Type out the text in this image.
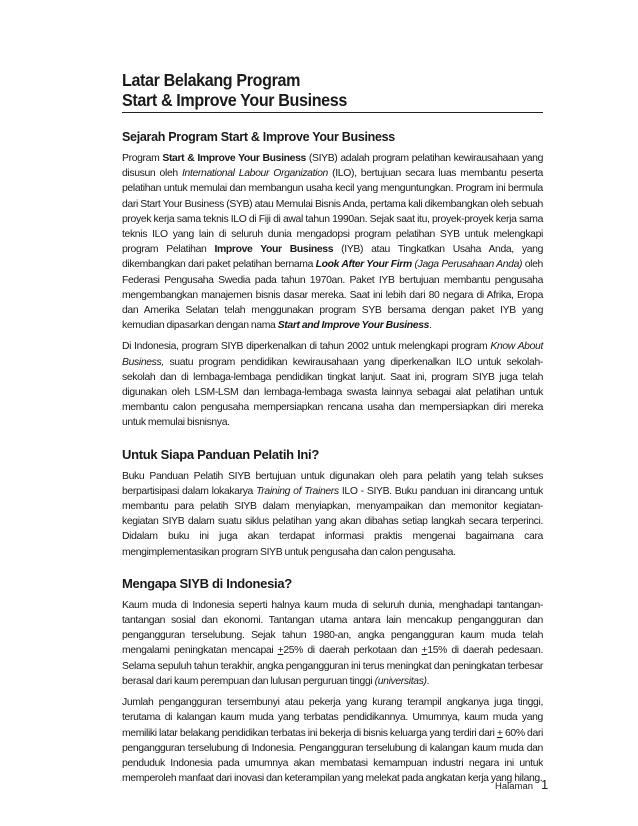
Latar Belakang Program
Start & Improve Your Business
Sejarah Program Start & Improve Your Business

Program Start & Improve Your Business (SIYB) adalah program pelatihan kewirausahaan yang disusun oleh International Labour Organization (ILO), bertujuan secara luas membantu peserta pelatihan untuk memulai dan membangun usaha kecil yang menguntungkan. Program ini bermula dari Start Your Business (SYB) atau Memulai Bisnis Anda, pertama kali dikembangkan oleh sebuah proyek kerja sama teknis ILO di Fiji di awal tahun 1990an. Sejak saat itu, proyek-proyek kerja sama teknis ILO yang lain di seluruh dunia mengadopsi program pelatihan SYB untuk melengkapi program Pelatihan Improve Your Business (IYB) atau Tingkatkan Usaha Anda, yang dikembangkan dari paket pelatihan bernama Look After Your Firm (Jaga Perusahaan Anda) oleh Federasi Pengusaha Swedia pada tahun 1970an. Paket IYB bertujuan membantu pengusaha mengembangkan manajemen bisnis dasar mereka. Saat ini lebih dari 80 negara di Afrika, Eropa dan Amerika Selatan telah menggunakan program SYB bersama dengan paket IYB yang kemudian dipasarkan dengan nama Start and Improve Your Business.

Di Indonesia, program SIYB diperkenalkan di tahun 2002 untuk melengkapi program Know About Business, suatu program pendidikan kewirausahaan yang diperkenalkan ILO untuk sekolah-sekolah dan di lembaga-lembaga pendidikan tingkat lanjut. Saat ini, program SIYB juga telah digunakan oleh LSM-LSM dan lembaga-lembaga swasta lainnya sebagai alat pelatihan untuk membantu calon pengusaha mempersiapkan rencana usaha dan mempersiapkan diri mereka untuk memulai bisnisnya.

Untuk Siapa Panduan Pelatih Ini?

Buku Panduan Pelatih SIYB bertujuan untuk digunakan oleh para pelatih yang telah sukses berpartisipasi dalam lokakarya Training of Trainers ILO - SIYB. Buku panduan ini dirancang untuk membantu para pelatih SIYB dalam menyiapkan, menyampaikan dan memonitor kegiatan-kegiatan SIYB dalam suatu siklus pelatihan yang akan dibahas setiap langkah secara terperinci. Didalam buku ini juga akan terdapat informasi praktis mengenai bagaimana cara mengimplementasikan program SIYB untuk pengusaha dan calon pengusaha.

Mengapa SIYB di Indonesia?

Kaum muda di Indonesia seperti halnya kaum muda di seluruh dunia, menghadapi tantangan-tantangan sosial dan ekonomi. Tantangan utama antara lain mencakup pengangguran dan pengangguran terselubung. Sejak tahun 1980-an, angka pengangguran kaum muda telah mengalami peningkatan mencapai +25% di daerah perkotaan dan +15% di daerah pedesaan. Selama sepuluh tahun terakhir, angka pengangguran ini terus meningkat dan peningkatan terbesar berasal dari kaum perempuan dan lulusan perguruan tinggi (universitas).

Jumlah pengangguran tersembunyi atau pekerja yang kurang terampil angkanya juga tinggi, terutama di kalangan kaum muda yang terbatas pendidikannya. Umumnya, kaum muda yang memiliki latar belakang pendidikan terbatas ini bekerja di bisnis keluarga yang terdiri dari + 60% dari pengangguran terselubung di Indonesia. Pengangguran terselubung di kalangan kaum muda dan penduduk Indonesia pada umumnya akan membatasi kemampuan industri negara ini untuk memperoleh manfaat dari inovasi dan keterampilan yang melekat pada angkatan kerja yang hilang.

Halaman 1
